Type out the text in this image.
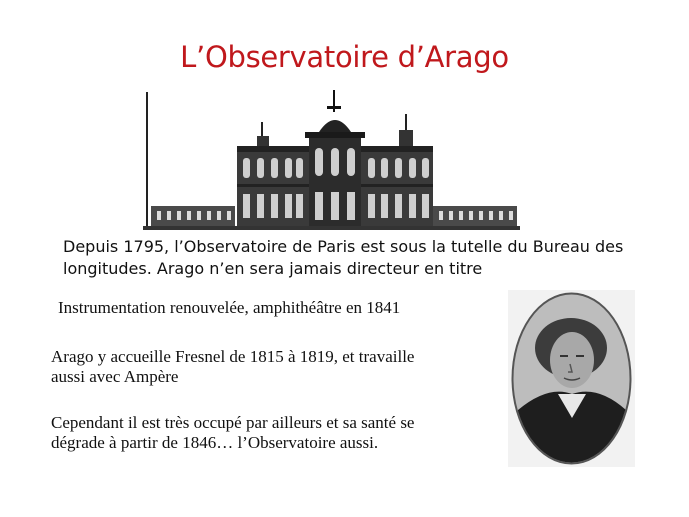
L’Observatoire d’Arago
Depuis 1795, l’Observatoire de Paris est sous la tutelle du Bureau des
longitudes. Arago n’en sera jamais directeur en titre
Instrumentation renouvelée, amphithéâtre en 1841
Arago y accueille Fresnel de 1815 à 1819, et travaille
aussi avec Ampère
Cependant il est très occupé par ailleurs et sa santé se
dégrade à partir de 1846… l’Observatoire aussi.
